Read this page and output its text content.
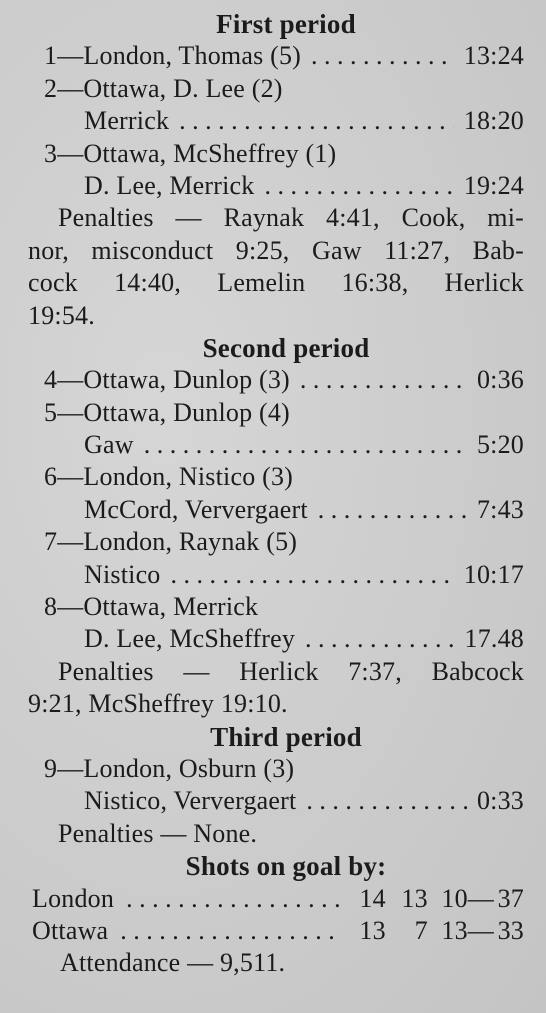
First period
1—London, Thomas (5) . . .	13:24
2—Ottawa, D. Lee (2)
Merrick . . .	18:20
3—Ottawa, McSheffrey (1)
D. Lee, Merrick . . .	19:24
Penalties — Raynak 4:41, Cook, mi-
nor, misconduct 9:25, Gaw 11:27, Bab-
cock 14:40, Lemelin 16:38, Herlick
19:54.
Second period
4—Ottawa, Dunlop (3) . . .	0:36
5—Ottawa, Dunlop (4)
Gaw . . .	5:20
6—London, Nistico (3)
McCord, Ververgaert . . .	7:43
7—London, Raynak (5)
Nistico . . .	10:17
8—Ottawa, Merrick
D. Lee, McSheffrey . . .	17.48
Penalties — Herlick 7:37, Babcock
9:21, McSheffrey 19:10.
Third period
9—London, Osburn (3)
Nistico, Ververgaert . . .	0:33
Penalties — None.
Shots on goal by:
London . . .	14 13 10 — 37
Ottawa . . .	13	7 13 — 33
Attendance — 9,511.
